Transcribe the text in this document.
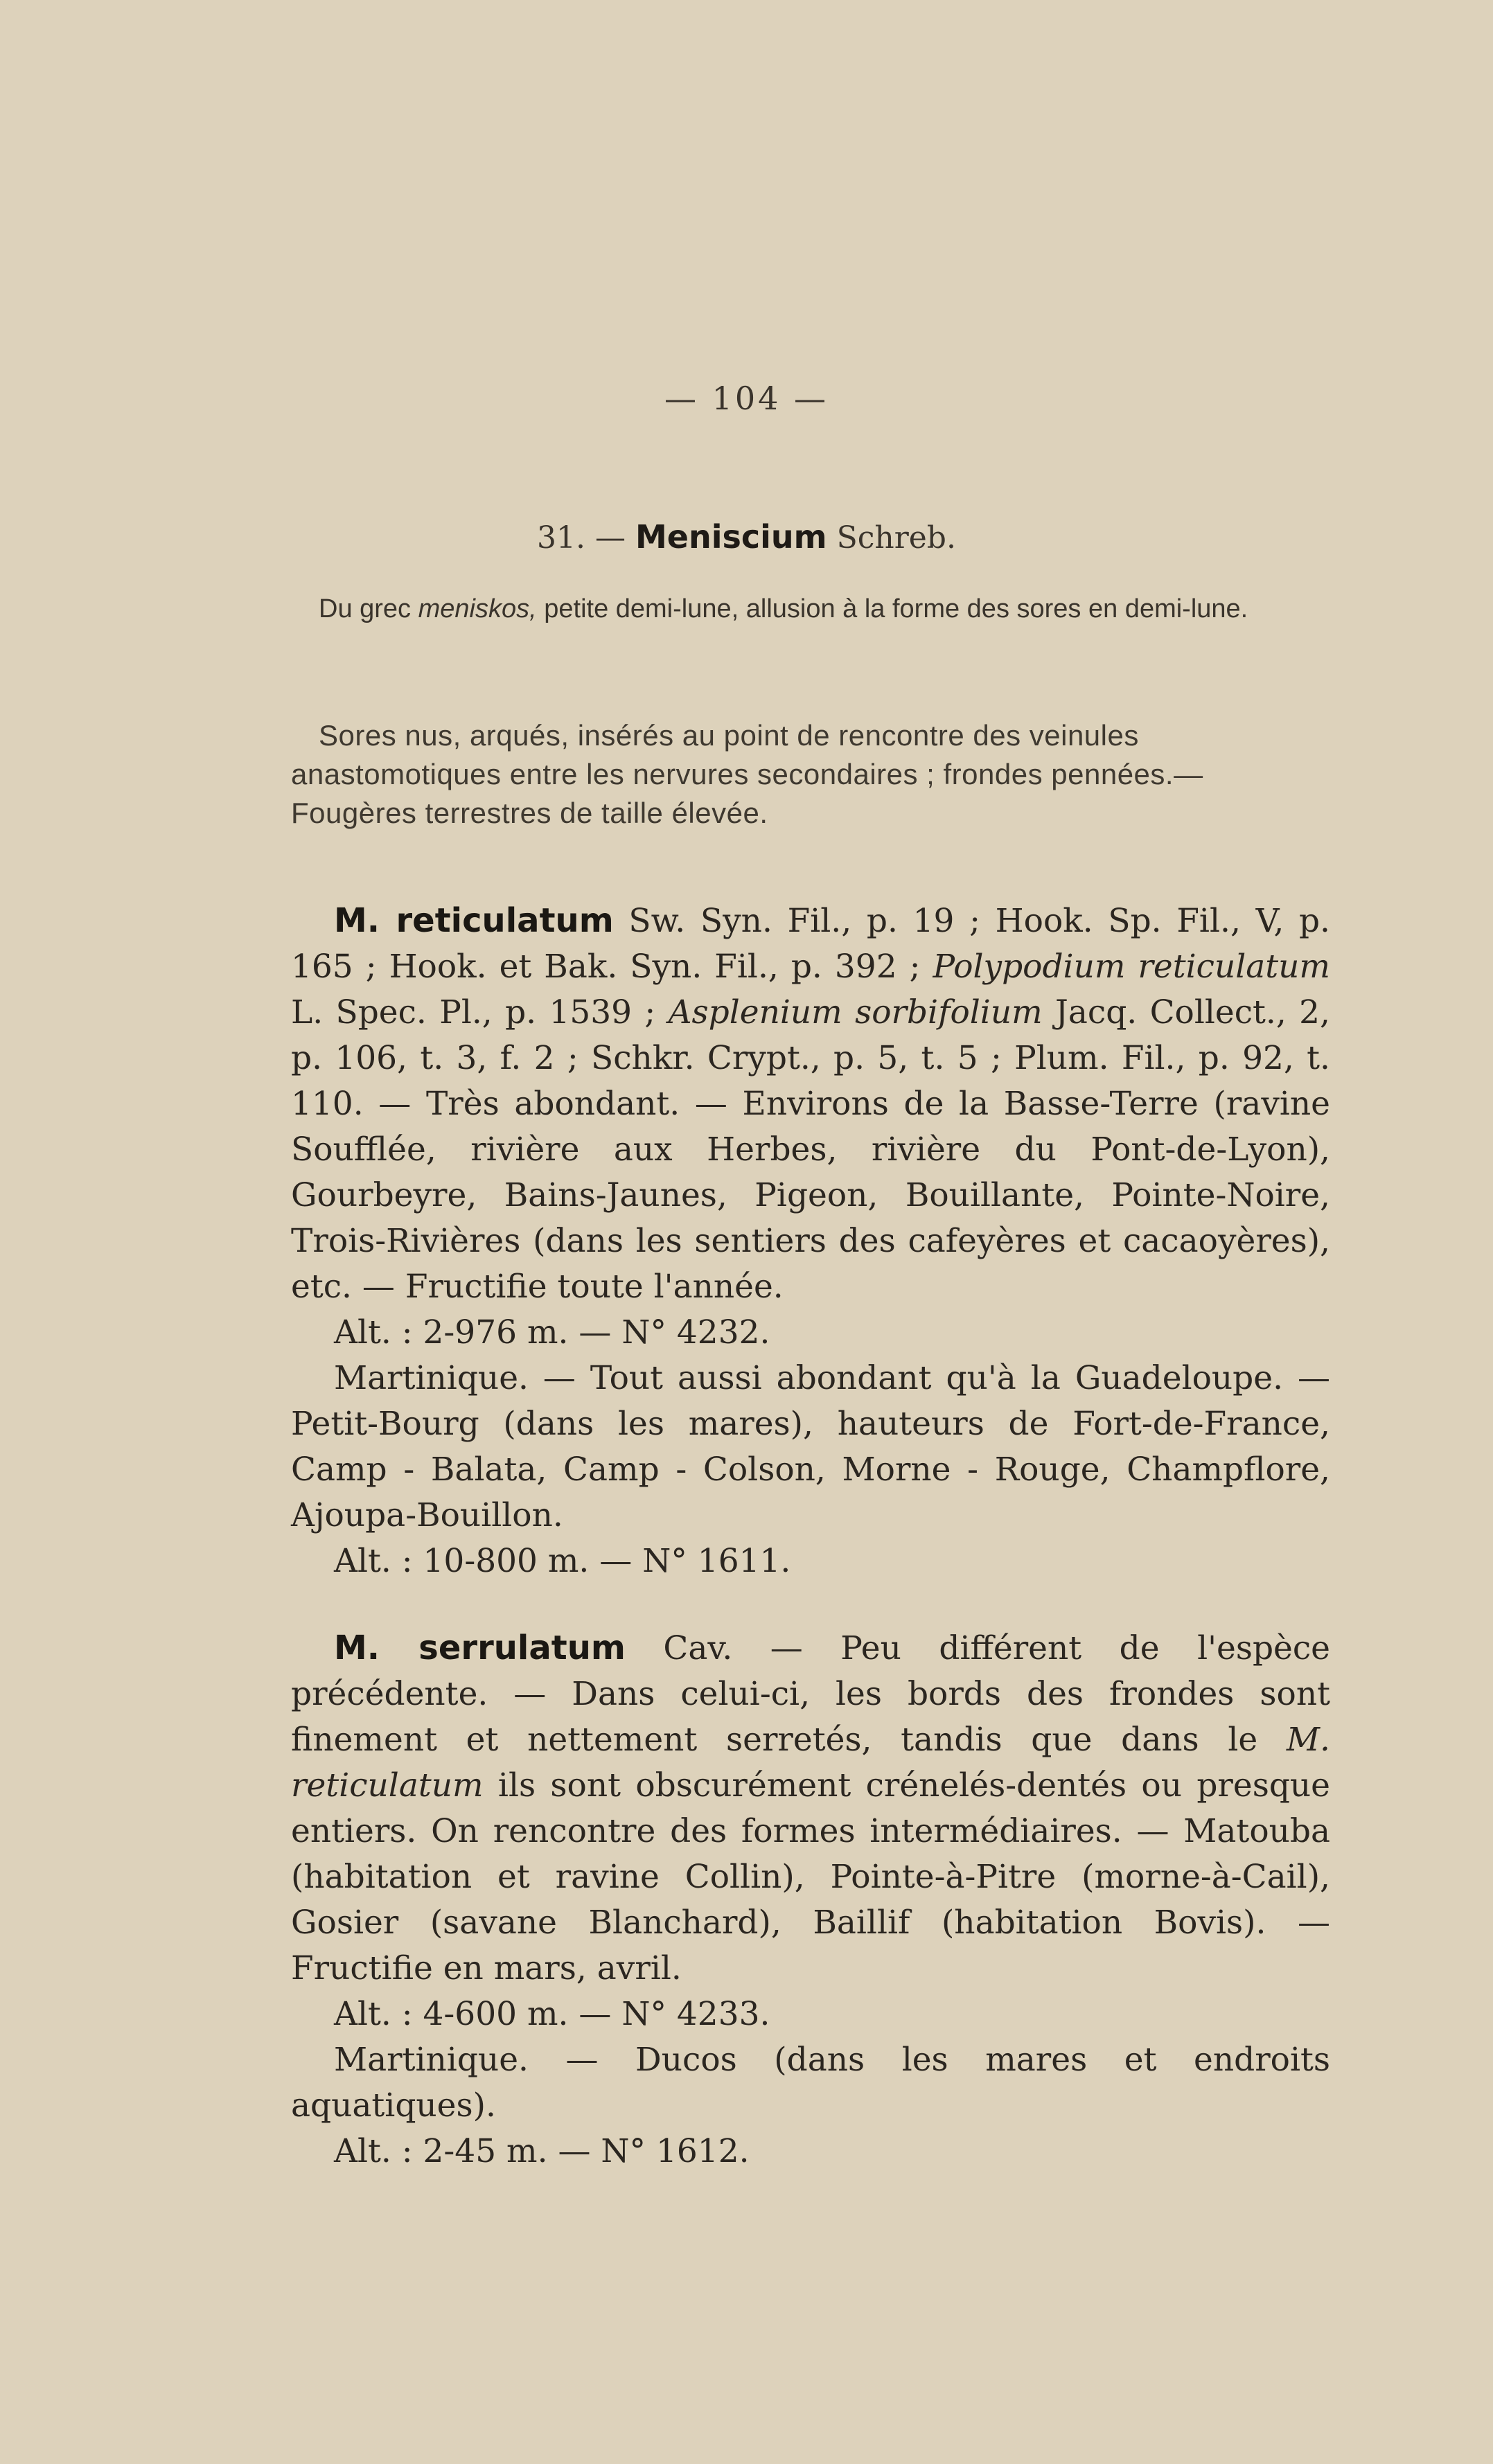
— 104 —
31. — Meniscium Schreb.

Du grec meniskos, petite demi-lune, allusion à la forme des sores en demi-lune.

Sores nus, arqués, insérés au point de rencontre des veinules anastomotiques entre les nervures secondaires ; frondes pennées.— Fougères terrestres de taille élevée.

M. reticulatum Sw. Syn. Fil., p. 19 ; Hook. Sp. Fil., V, p. 165 ; Hook. et Bak. Syn. Fil., p. 392 ; Polypodium reticulatum L. Spec. Pl., p. 1539 ; Asplenium sorbifolium Jacq. Collect., 2, p. 106, t. 3, f. 2 ; Schkr. Crypt., p. 5, t. 5 ; Plum. Fil., p. 92, t. 110. — Très abondant. — Environs de la Basse-Terre (ravine Soufflée, rivière aux Herbes, rivière du Pont-de-Lyon), Gourbeyre, Bains-Jaunes, Pigeon, Bouillante, Pointe-Noire, Trois-Rivières (dans les sentiers des cafeyères et cacaoyères), etc. — Fructifie toute l'année.

Alt. : 2-976 m. — N° 4232.

Martinique. — Tout aussi abondant qu'à la Guadeloupe. — Petit-Bourg (dans les mares), hauteurs de Fort-de-France, Camp - Balata, Camp - Colson, Morne - Rouge, Champflore, Ajoupa-Bouillon.

Alt. : 10-800 m. — N° 1611.

M. serrulatum Cav. — Peu différent de l'espèce précédente. — Dans celui-ci, les bords des frondes sont finement et nettement serretés, tandis que dans le M. reticulatum ils sont obscurément crénelés-dentés ou presque entiers. On rencontre des formes intermédiaires. — Matouba (habitation et ravine Collin), Pointe-à-Pitre (morne-à-Cail), Gosier (savane Blanchard), Baillif (habitation Bovis). — Fructifie en mars, avril.

Alt. : 4-600 m. — N° 4233.

Martinique. — Ducos (dans les mares et endroits aquatiques).

Alt. : 2-45 m. — N° 1612.
